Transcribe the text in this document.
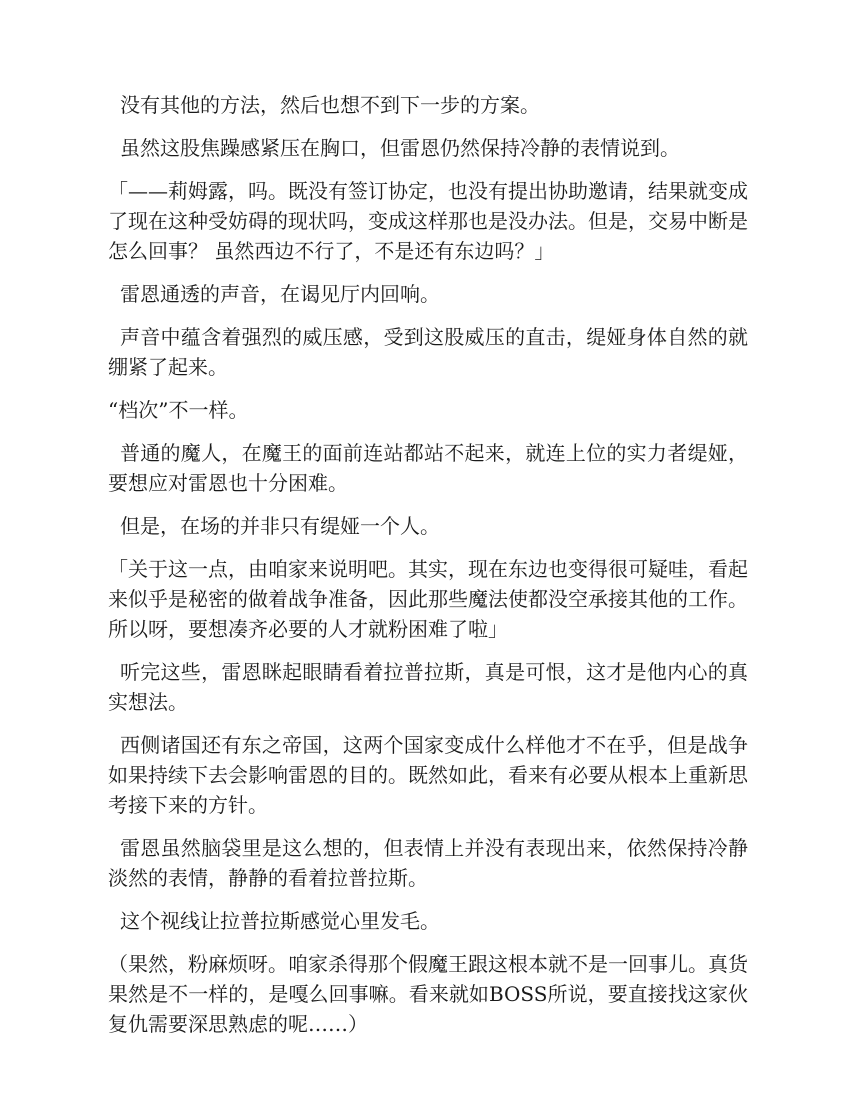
没有其他的方法，然后也想不到下一步的方案。

虽然这股焦躁感紧压在胸口，但雷恩仍然保持冷静的表情说到。

「——莉姆露，吗。既没有签订协定，也没有提出协助邀请，结果就变成了现在这种受妨碍的现状吗，变成这样那也是没办法。但是，交易中断是怎么回事？ 虽然西边不行了，不是还有东边吗？」

雷恩通透的声音，在谒见厅内回响。

声音中蕴含着强烈的威压感，受到这股威压的直击，缇娅身体自然的就绷紧了起来。

“档次”不一样。

普通的魔人，在魔王的面前连站都站不起来，就连上位的实力者缇娅，要想应对雷恩也十分困难。

但是，在场的并非只有缇娅一个人。

「关于这一点，由咱家来说明吧。其实，现在东边也变得很可疑哇，看起来似乎是秘密的做着战争准备，因此那些魔法使都没空承接其他的工作。所以呀，要想凑齐必要的人才就粉困难了啦」

听完这些，雷恩眯起眼睛看着拉普拉斯，真是可恨，这才是他内心的真实想法。

西侧诸国还有东之帝国，这两个国家变成什么样他才不在乎，但是战争如果持续下去会影响雷恩的目的。既然如此，看来有必要从根本上重新思考接下来的方针。

雷恩虽然脑袋里是这么想的，但表情上并没有表现出来，依然保持冷静淡然的表情，静静的看着拉普拉斯。

这个视线让拉普拉斯感觉心里发毛。

（果然，粉麻烦呀。咱家杀得那个假魔王跟这根本就不是一回事儿。真货果然是不一样的，是嘎么回事嘛。看来就如BOSS所说，要直接找这家伙复仇需要深思熟虑的呢……）
